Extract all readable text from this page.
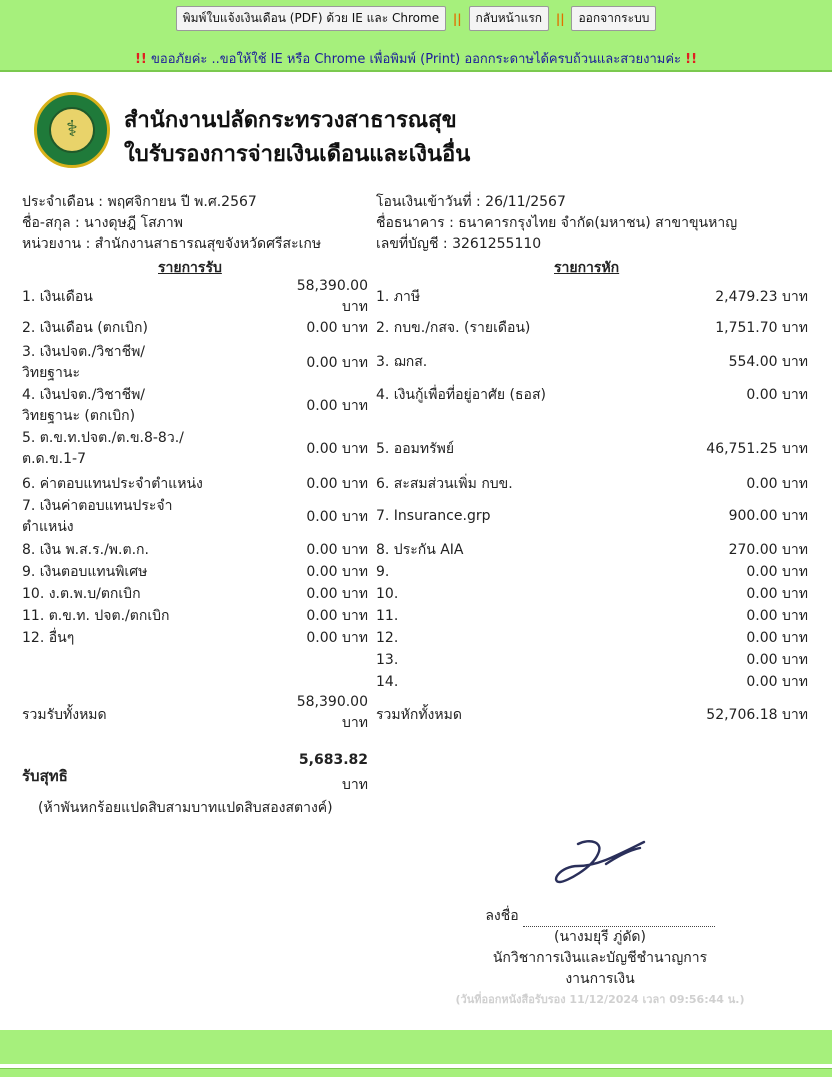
พิมพ์ใบแจ้งเงินเดือน (PDF) ด้วย IE และ Chrome || กลับหน้าแรก || ออกจากระบบ
!! ขออภัยค่ะ ..ขอให้ใช้ IE หรือ Chrome เพื่อพิมพ์ (Print) ออกกระดาษได้ครบถ้วนและสวยงามค่ะ !!
⚕	สำนักงานปลัดกระทรวงสาธารณสุข
ใบรับรองการจ่ายเงินเดือนและเงินอื่น
ประจำเดือน : พฤศจิกายน ปี พ.ศ.2567
ชื่อ-สกุล : นางดุษฎี โสภาพ
หน่วยงาน : สำนักงานสาธารณสุขจังหวัดศรีสะเกษ
โอนเงินเข้าวันที่ : 26/11/2567
ชื่อธนาคาร : ธนาคารกรุงไทย จำกัด(มหาชน) สาขาขุนหาญ
เลขที่บัญชี : 3261255110
รายการรับ	รายการหัก
1. เงินเดือน
58,390.00
บาท
2. เงินเดือน (ตกเบิก)	0.00 บาท
3. เงินปจต./วิชาชีพ/
วิทยฐานะ
0.00 บาท
4. เงินปจต./วิชาชีพ/
วิทยฐานะ (ตกเบิก)
0.00 บาท
5. ต.ข.ท.ปจต./ต.ข.8-8ว./
ต.ด.ข.1-7
0.00 บาท
6. ค่าตอบแทนประจำตำแหน่ง	0.00 บาท
7. เงินค่าตอบแทนประจำ
ตำแหน่ง
0.00 บาท
8. เงิน พ.ส.ร./พ.ต.ก.	0.00 บาท
9. เงินตอบแทนพิเศษ	0.00 บาท
10. ง.ต.พ.บ/ตกเบิก	0.00 บาท
11. ต.ข.ท. ปจต./ตกเบิก	0.00 บาท
12. อื่นๆ	0.00 บาท
รวมรับทั้งหมด
58,390.00
บาท
1. ภาษี	2,479.23 บาท
2. กบข./กสจ. (รายเดือน)	1,751.70 บาท
3. ฌกส.	554.00 บาท
4. เงินกู้เพื่อที่อยู่อาศัย (ธอส)	0.00 บาท
5. ออมทรัพย์	46,751.25 บาท
6. สะสมส่วนเพิ่ม กบข.	0.00 บาท
7. Insurance.grp	900.00 บาท
8. ประกัน AIA	270.00 บาท
9.	0.00 บาท
10.	0.00 บาท
11.	0.00 บาท
12.	0.00 บาท
13.	0.00 บาท
14.	0.00 บาท
รวมหักทั้งหมด	52,706.18 บาท
รับสุทธิ
5,683.82
บาท
(ห้าพันหกร้อยแปดสิบสามบาทแปดสิบสองสตางค์)
ลงชื่อ
(นางมยุรี ภู่ดัด)
นักวิชาการเงินและบัญชีชำนาญการ
งานการเงิน
(วันที่ออกหนังสือรับรอง 11/12/2024 เวลา 09:56:44 น.)
